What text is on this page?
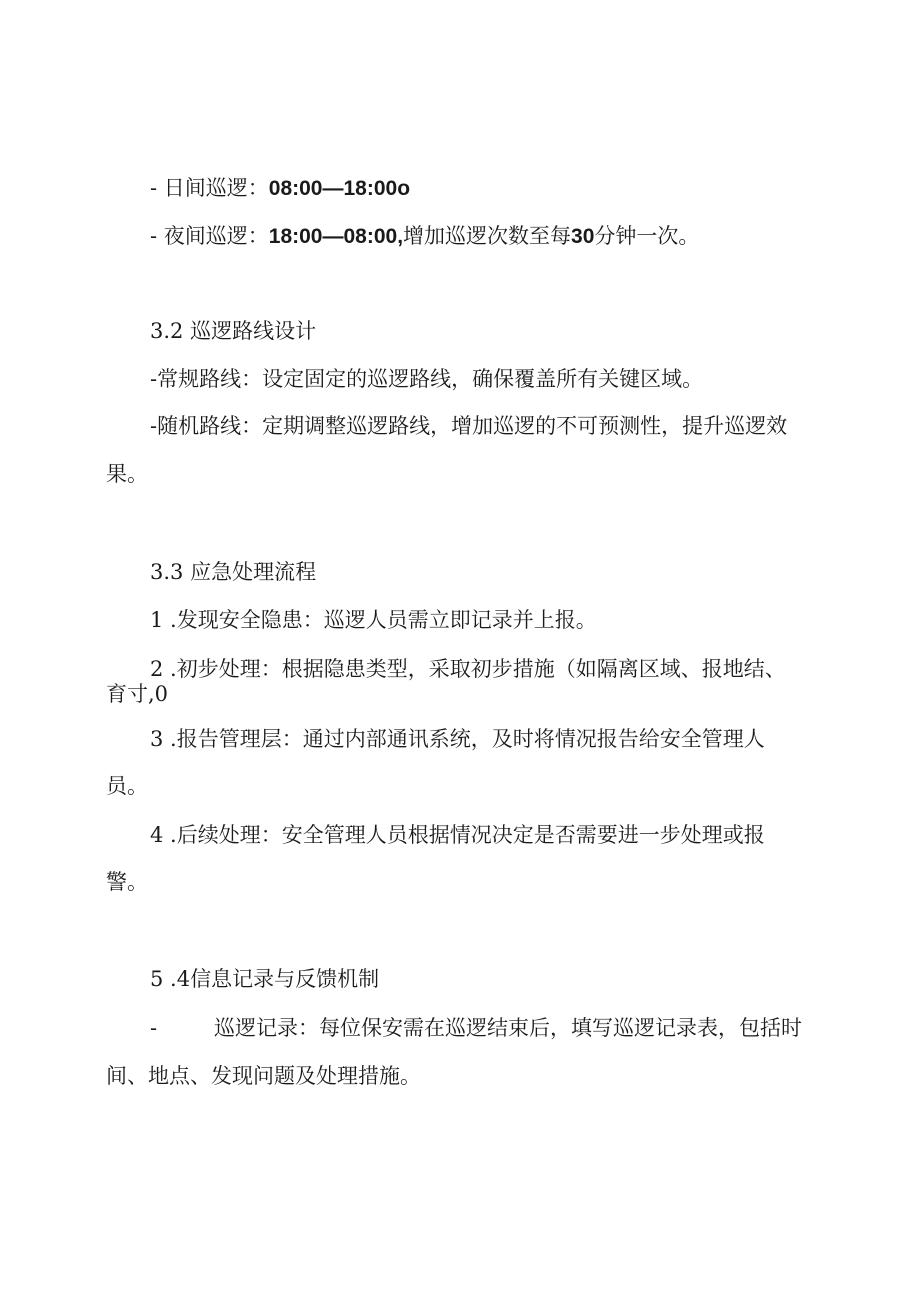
- 日间巡逻：08:00—18:00o
- 夜间巡逻：18:00—08:00,增加巡逻次数至每30分钟一次。
3.2 巡逻路线设计
-常规路线：设定固定的巡逻路线，确保覆盖所有关键区域。
-随机路线：定期调整巡逻路线，增加巡逻的不可预测性，提升巡逻效
果。
3.3 应急处理流程
1 .发现安全隐患：巡逻人员需立即记录并上报。
2 .初步处理：根据隐患类型，采取初步措施（如隔离区域、报地结、
育寸,0
3 .报告管理层：通过内部通讯系统，及时将情况报告给安全管理人
员。
4 .后续处理：安全管理人员根据情况决定是否需要进一步处理或报
警。
5 .4信息记录与反馈机制
-	巡逻记录：每位保安需在巡逻结束后，填写巡逻记录表，包括时
间、地点、发现问题及处理措施。
